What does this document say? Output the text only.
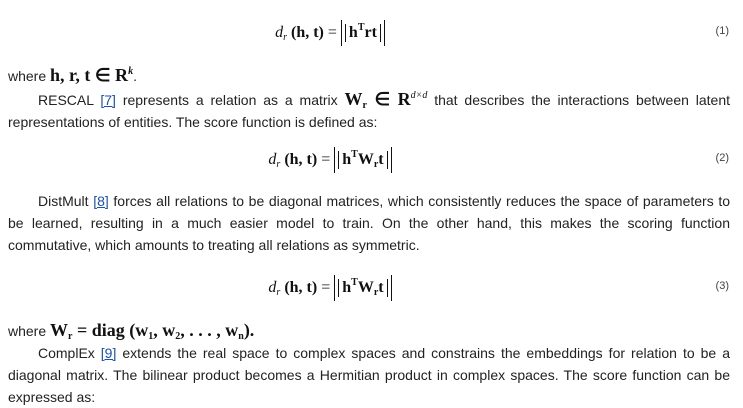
$d_r$ (h, $t) = h^Trt$	(1)
where h, r, t ∈ $R^k$.
RESCAL [7] represents a relation as a matrix $W_r$ ∈ $R^{d\times d}$ that describes the interactions between latent representations of entities. The score function is defined as:
$d_r$ (h, $t) = h^TW_rt$	(2)
DistMult [8] forces all relations to be diagonal matrices, which consistently reduces the space of parameters to be learned, resulting in a much easier model to train. On the other hand, this makes the scoring function commutative, which amounts to treating all relations as symmetric.
$d_r$ (h, $t) = h^TW_rt$	(3)
where $W_r$ = diag ($w_1$, $w_2$, . . . , $w_n$).
ComplEx [9] extends the real space to complex spaces and constrains the embeddings for relation to be a diagonal matrix. The bilinear product becomes a Hermitian product in complex spaces. The score function can be expressed as:
